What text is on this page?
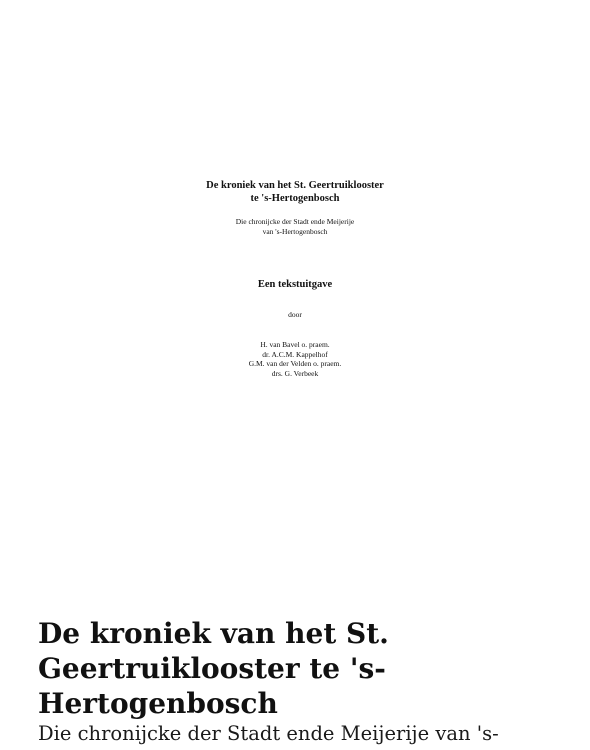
De kroniek van het St. Geertruiklooster
te 's-Hertogenbosch
Die chronijcke der Stadt ende Meijerije
van 's-Hertogenbosch
Een tekstuitgave
door
H. van Bavel o. praem.
dr. A.C.M. Kappelhof
G.M. van der Velden o. praem.
drs. G. Verbeek
De kroniek van het St. Geertruiklooster te 's-Hertogenbosch

Die chronijcke der Stadt ende Meijerije van 's-
